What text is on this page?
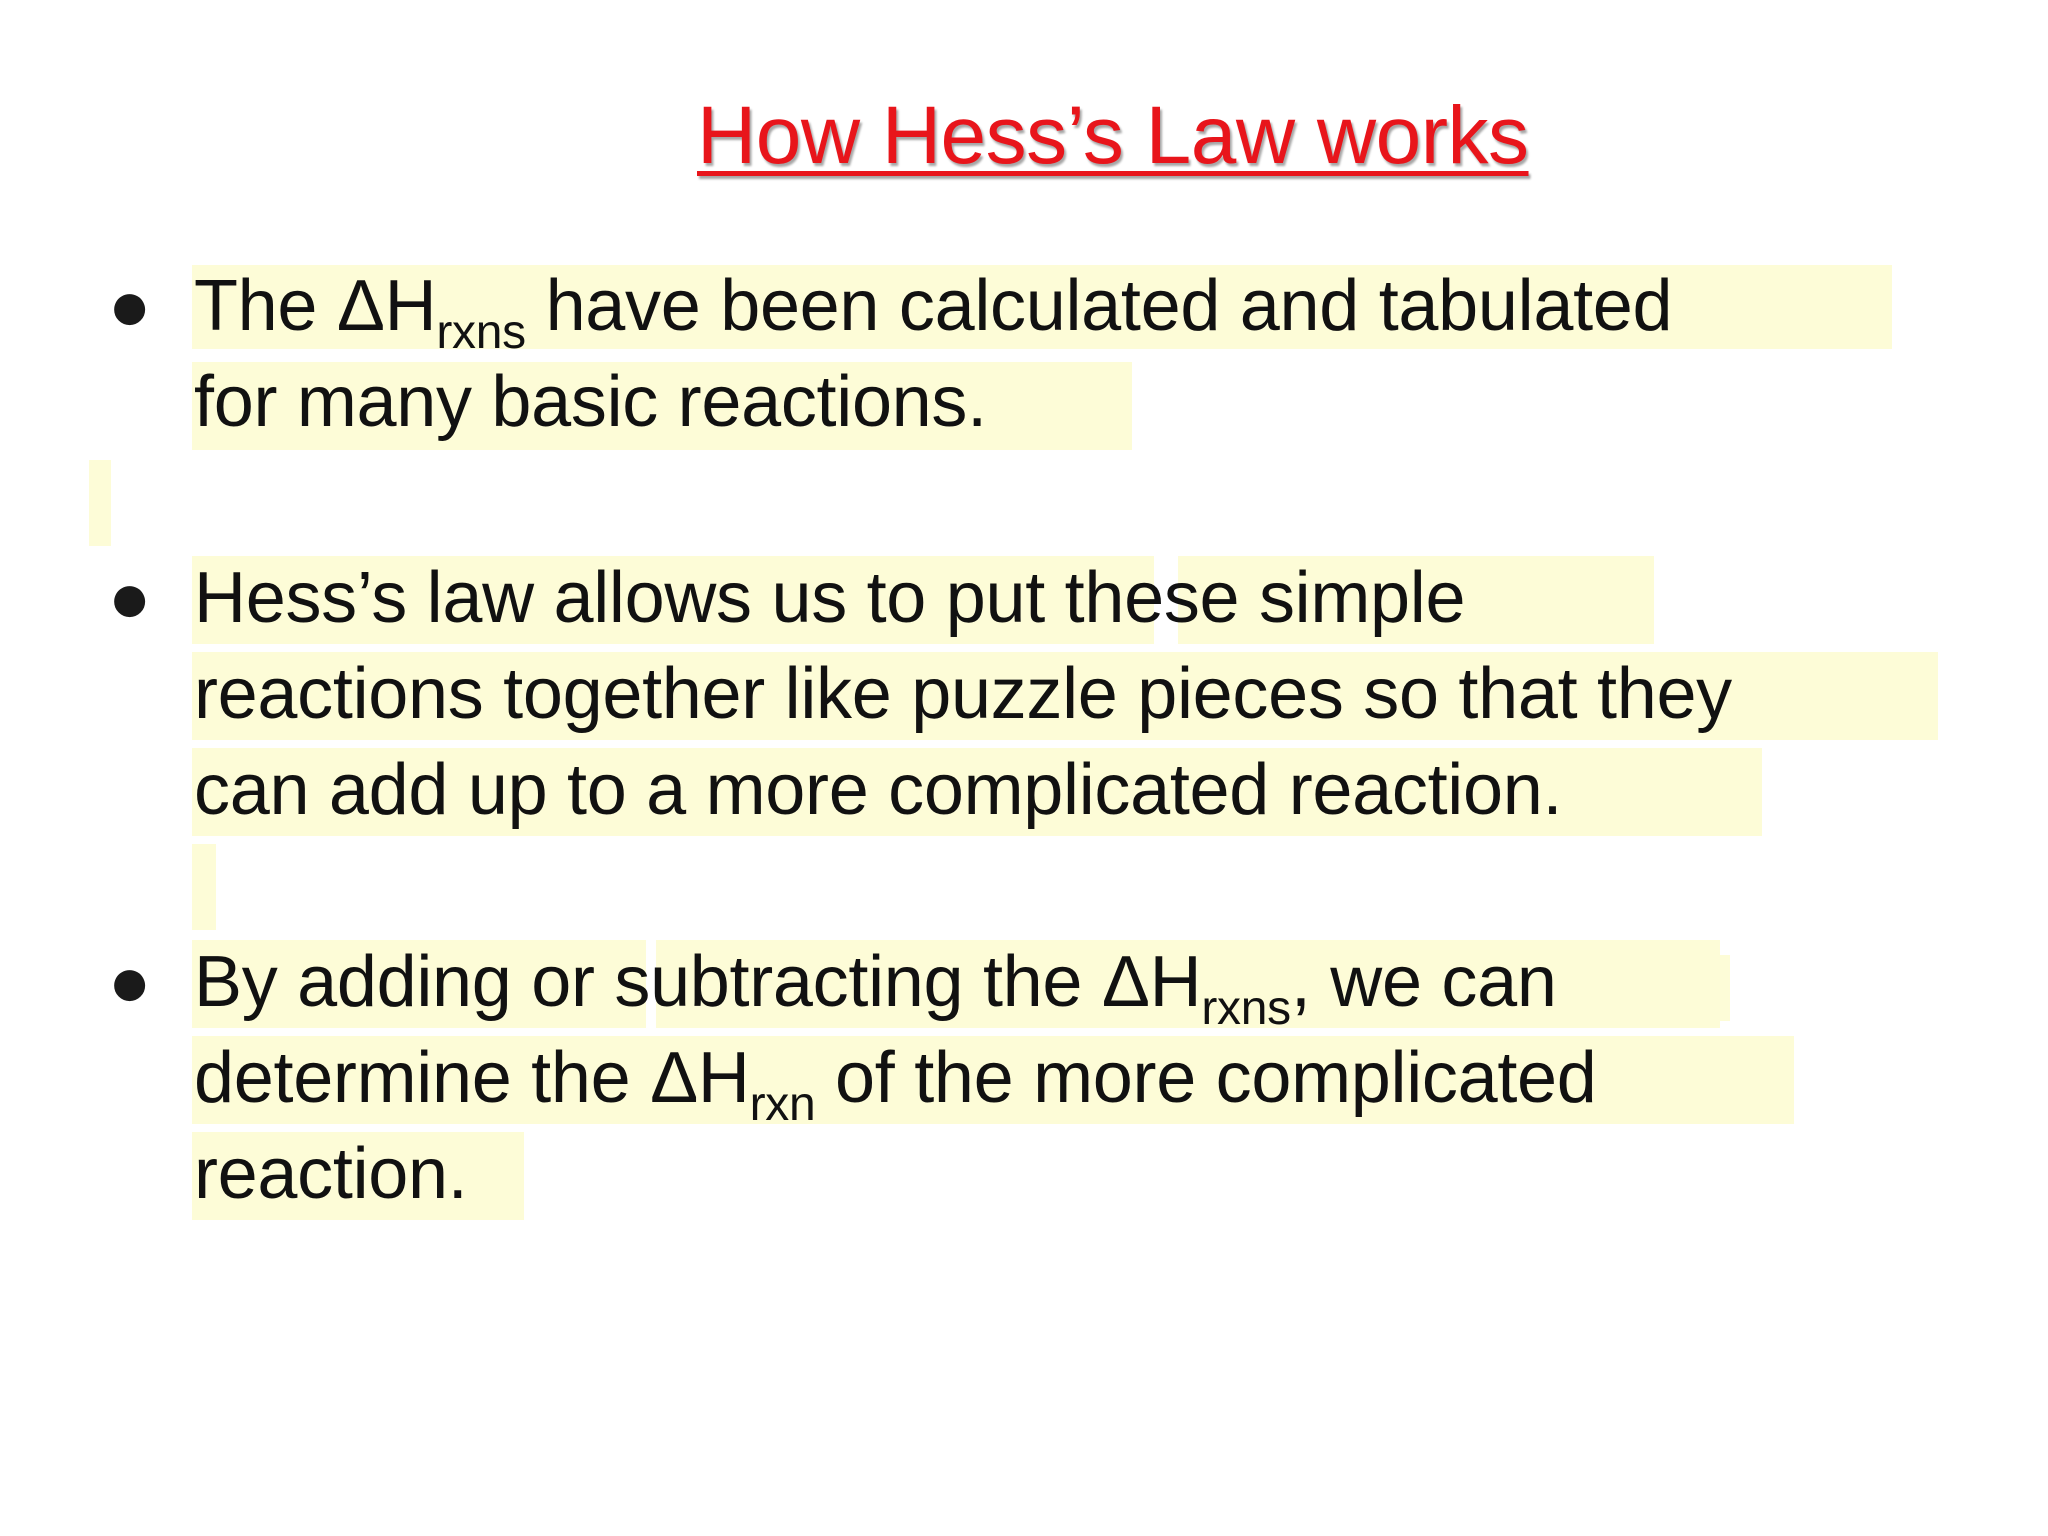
How Hess’s Law works
● The $\Delta H_{rxns}$ have been calculated and tabulated
for many basic reactions.
● Hess’s law allows us to put these simple
reactions together like puzzle pieces so that they
can add up to a more complicated reaction.
● By adding or subtracting the $\Delta H_{rxns}$, we can
determine the $\Delta H_{rxn}$ of the more complicated
reaction.
